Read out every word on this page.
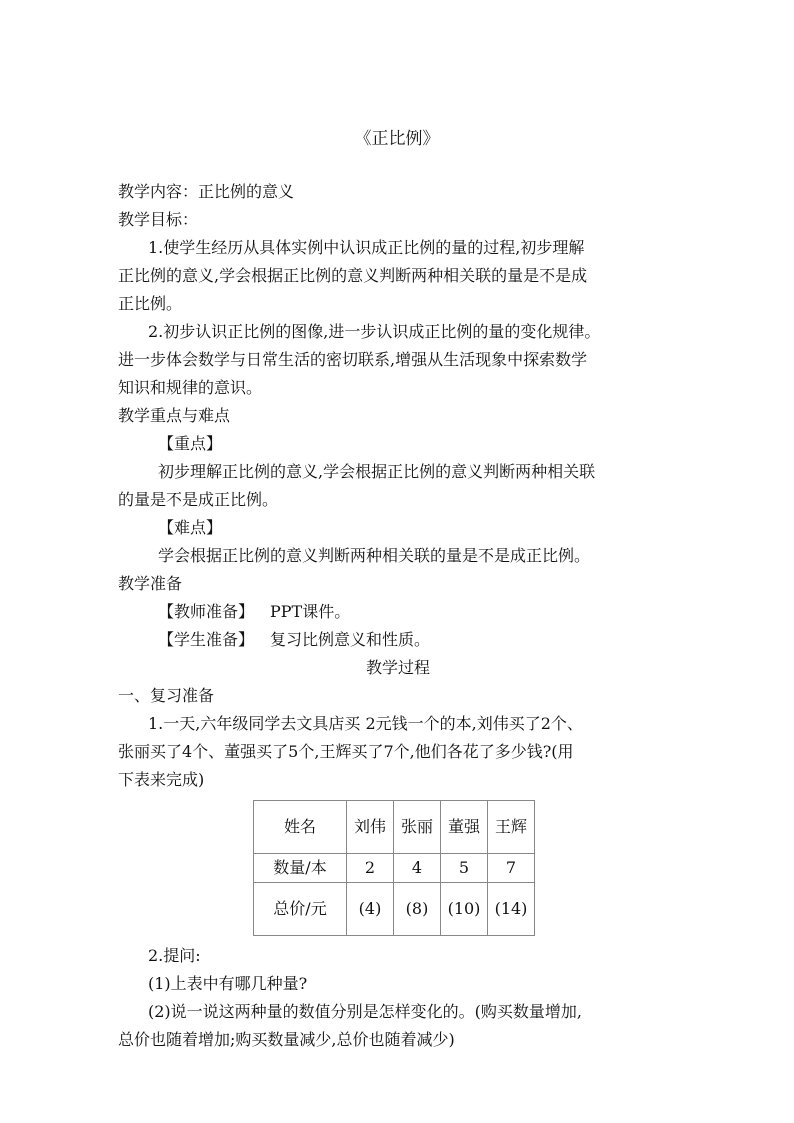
《正比例》
教学内容：正比例的意义
教学目标：
1.使学生经历从具体实例中认识成正比例的量的过程,初步理解
正比例的意义,学会根据正比例的意义判断两种相关联的量是不是成
正比例。
2.初步认识正比例的图像,进一步认识成正比例的量的变化规律。
进一步体会数学与日常生活的密切联系,增强从生活现象中探索数学
知识和规律的意识。
教学重点与难点
【重点】
初步理解正比例的意义,学会根据正比例的意义判断两种相关联
的量是不是成正比例。
【难点】
学会根据正比例的意义判断两种相关联的量是不是成正比例。
教学准备
【教师准备】 PPT课件。
【学生准备】 复习比例意义和性质。
教学过程
一、复习准备
1.一天,六年级同学去文具店买 2元钱一个的本,刘伟买了2个、
张丽买了4个、董强买了5个,王辉买了7个,他们各花了多少钱?(用
下表来完成)
姓名	刘伟	张丽	董强	王辉
数量/本	2	4	5	7
总价/元	(4)	(8)	(10)	(14)
2.提问:
(1)上表中有哪几种量?
(2)说一说这两种量的数值分别是怎样变化的。(购买数量增加,
总价也随着增加;购买数量减少,总价也随着减少)
